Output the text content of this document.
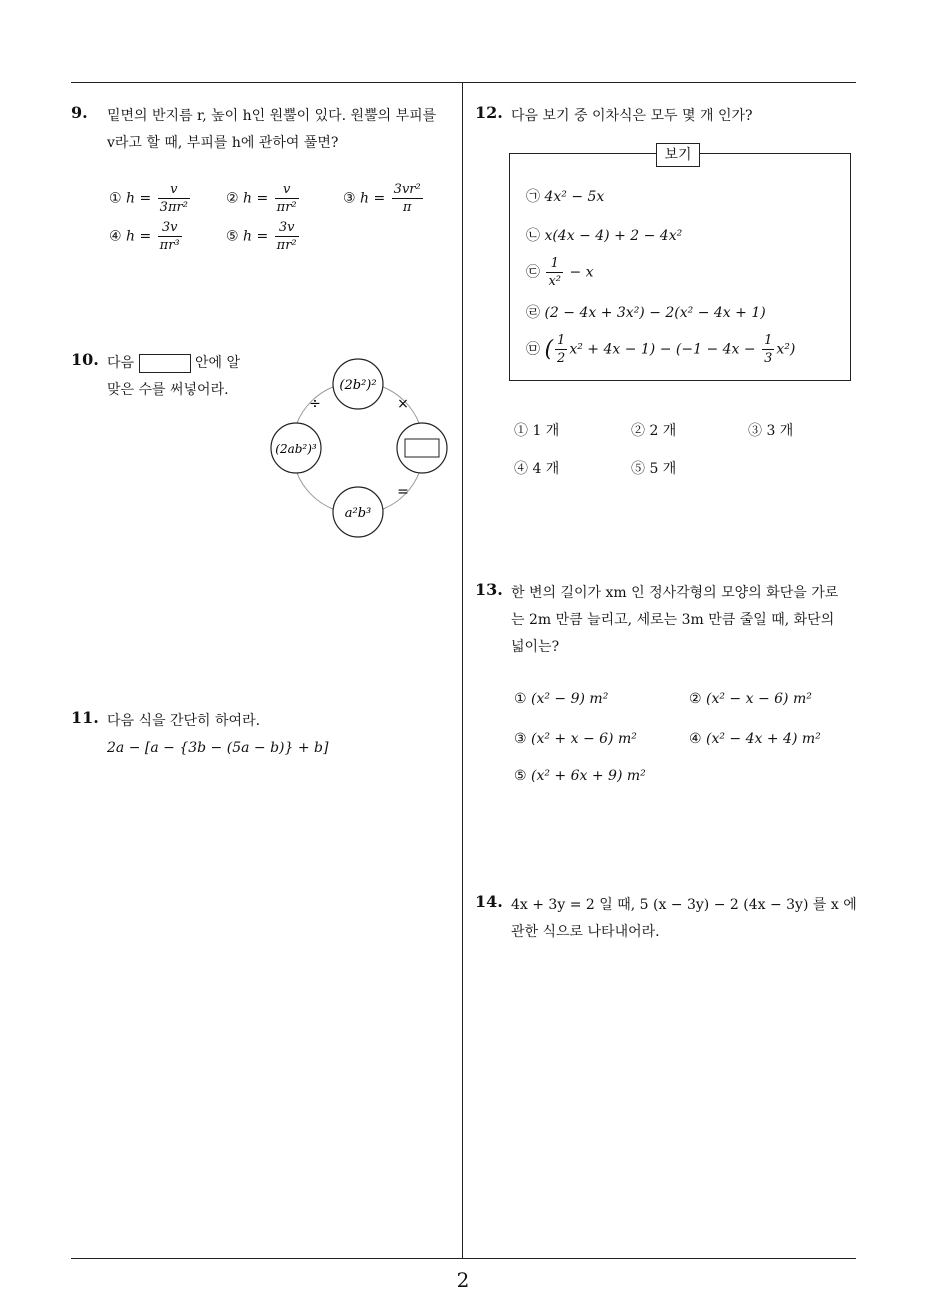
9. 밑면의 반지름 r, 높이 h인 원뿔이 있다. 원뿔의 부피를
v라고 할 때, 부피를 h에 관하여 풀면?
① $h = \frac{v}{\text{3πr²}}$	② $h = \frac{v}{\text{πr²}}$	③ $h = \frac{\text{3vr²}}{\pi}$
④ $h = \frac{3v}{\text{πr³}}$	⑤ $h = \frac{3v}{\text{πr²}}$
10. 다음	안에 알
맞은 수를 써넣어라.	(2b²)²
(2ab²)³
a²b³
÷	×
=
11. 다음 식을 간단히 하여라.
2a − [a − {3b − (5a − b)} + b]
12. 다음 보기 중 이차식은 모두 몇 개 인가?
보기
㉠ 4x² − 5x
㉡ x(4x − 4) + 2 − 4x²
㉢ $\frac{1}{\text{x²}} - x$
㉣ (2 − 4x + 3x²) − 2(x² − 4x + 1)
㉤ ( $\frac{1}{2} x^2 + 4x - 1) - (-1 - 4x - \frac{1}{3} x^2)$
① 1 개	② 2 개	③ 3 개
④ 4 개	⑤ 5 개
13. 한 변의 길이가 xm 인 정사각형의 모양의 화단을 가로
는 2m 만큼 늘리고, 세로는 3m 만큼 줄일 때, 화단의
넓이는?
① (x² − 9) m²	② (x² − x − 6) m²
③ (x² + x − 6) m²	④ (x² − 4x + 4) m²
⑤ (x² + 6x + 9) m²
14. 4x + 3y = 2 일 때, 5 (x − 3y) − 2 (4x − 3y) 를 x 에
관한 식으로 나타내어라.
2
